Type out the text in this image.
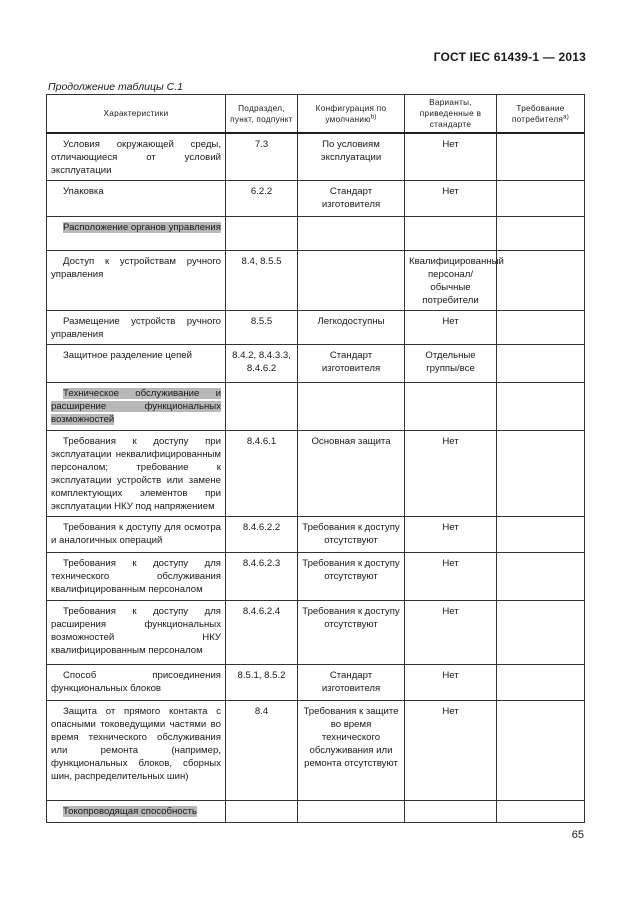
ГОСТ IEC 61439-1 — 2013
Продолжение таблицы С.1
Характеристики	Подраздел, пункт, подпункт	Конфигурация по умолчанию$^{b)}$	Варианты, приведенные в стандарте	Требование потребителя$^{а)}$
Условия окружающей среды, отличающиеся от условий эксплуатации	7.3	По условиям эксплуатации	Нет	
Упаковка	6.2.2	Стандарт изготовителя	Нет	
Расположение органов управления				
Доступ к устройствам ручного управления	8.4, 8.5.5		Квалифицированный персонал/ обычные потребители	
Размещение устройств ручного управления	8.5.5	Легкодоступны	Нет	
Защитное разделение цепей	8.4.2, 8.4.3.3, 8.4.6.2	Стандарт изготовителя	Отдельные группы/все	
Техническое обслуживание и расширение функциональных возможностей				
Требования к доступу при эксплуатации неквалифицированным персоналом; требование к эксплуатации устройств или замене комплектующих элементов при эксплуатации НКУ под напряжением	8.4.6.1	Основная защита	Нет	
Требования к доступу для осмотра и аналогичных операций	8.4.6.2.2	Требования к доступу отсутствуют	Нет	
Требования к доступу для технического обслуживания квалифицированным персоналом	8.4.6.2.3	Требования к доступу отсутствуют	Нет	
Требования к доступу для расширения функциональных возможностей НКУ квалифицированным персоналом	8.4.6.2.4	Требования к доступу отсутствуют	Нет	
Способ присоединения функциональных блоков	8.5.1, 8.5.2	Стандарт изготовителя	Нет	
Защита от прямого контакта с опасными токоведущими частями во время технического обслуживания или ремонта (например, функциональных блоков, сборных шин, распределительных шин)	8.4	Требования к защите во время технического обслуживания или ремонта отсутствуют	Нет	
Токопроводящая способность				
65
